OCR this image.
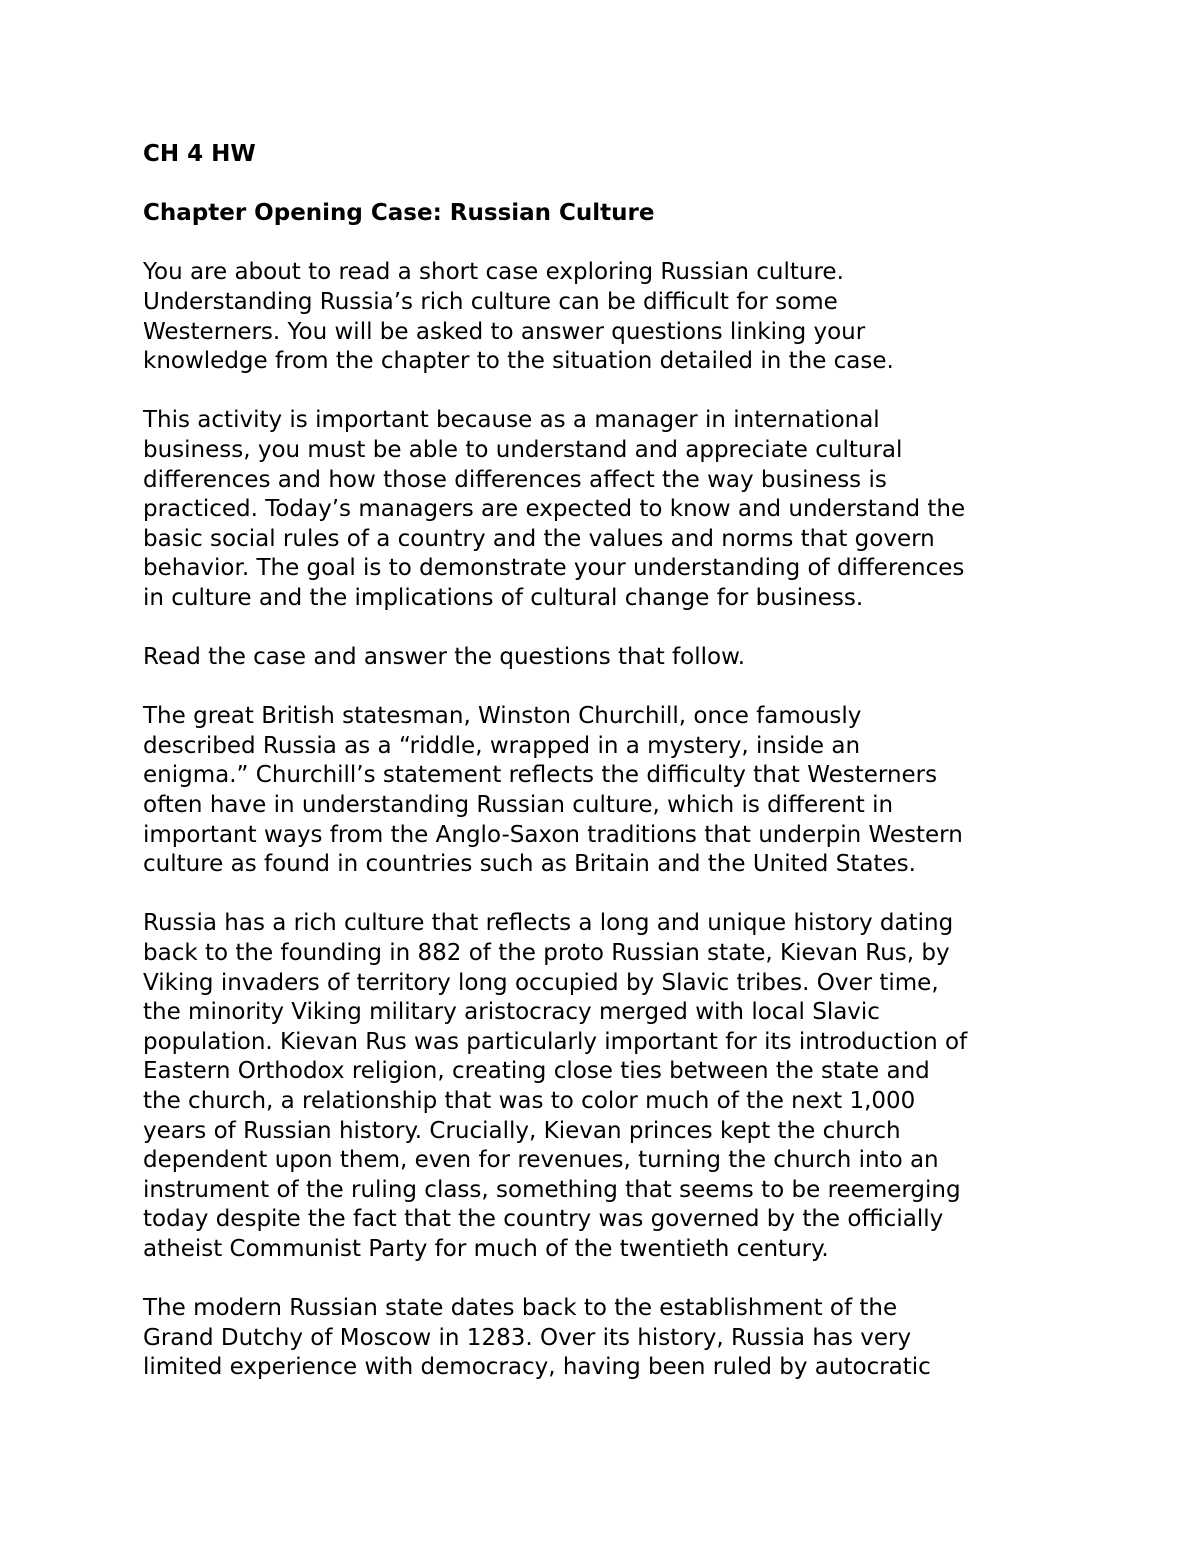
CH 4 HW

Chapter Opening Case: Russian Culture

You are about to read a short case exploring Russian culture.
Understanding Russia’s rich culture can be difficult for some
Westerners. You will be asked to answer questions linking your
knowledge from the chapter to the situation detailed in the case.

This activity is important because as a manager in international
business, you must be able to understand and appreciate cultural
differences and how those differences affect the way business is
practiced. Today’s managers are expected to know and understand the
basic social rules of a country and the values and norms that govern
behavior. The goal is to demonstrate your understanding of differences
in culture and the implications of cultural change for business.

Read the case and answer the questions that follow.

The great British statesman, Winston Churchill, once famously
described Russia as a “riddle, wrapped in a mystery, inside an
enigma.” Churchill’s statement reflects the difficulty that Westerners
often have in understanding Russian culture, which is different in
important ways from the Anglo-Saxon traditions that underpin Western
culture as found in countries such as Britain and the United States.

Russia has a rich culture that reflects a long and unique history dating
back to the founding in 882 of the proto Russian state, Kievan Rus, by
Viking invaders of territory long occupied by Slavic tribes. Over time,
the minority Viking military aristocracy merged with local Slavic
population. Kievan Rus was particularly important for its introduction of
Eastern Orthodox religion, creating close ties between the state and
the church, a relationship that was to color much of the next 1,000
years of Russian history. Crucially, Kievan princes kept the church
dependent upon them, even for revenues, turning the church into an
instrument of the ruling class, something that seems to be reemerging
today despite the fact that the country was governed by the officially
atheist Communist Party for much of the twentieth century.

The modern Russian state dates back to the establishment of the
Grand Dutchy of Moscow in 1283. Over its history, Russia has very
limited experience with democracy, having been ruled by autocratic
